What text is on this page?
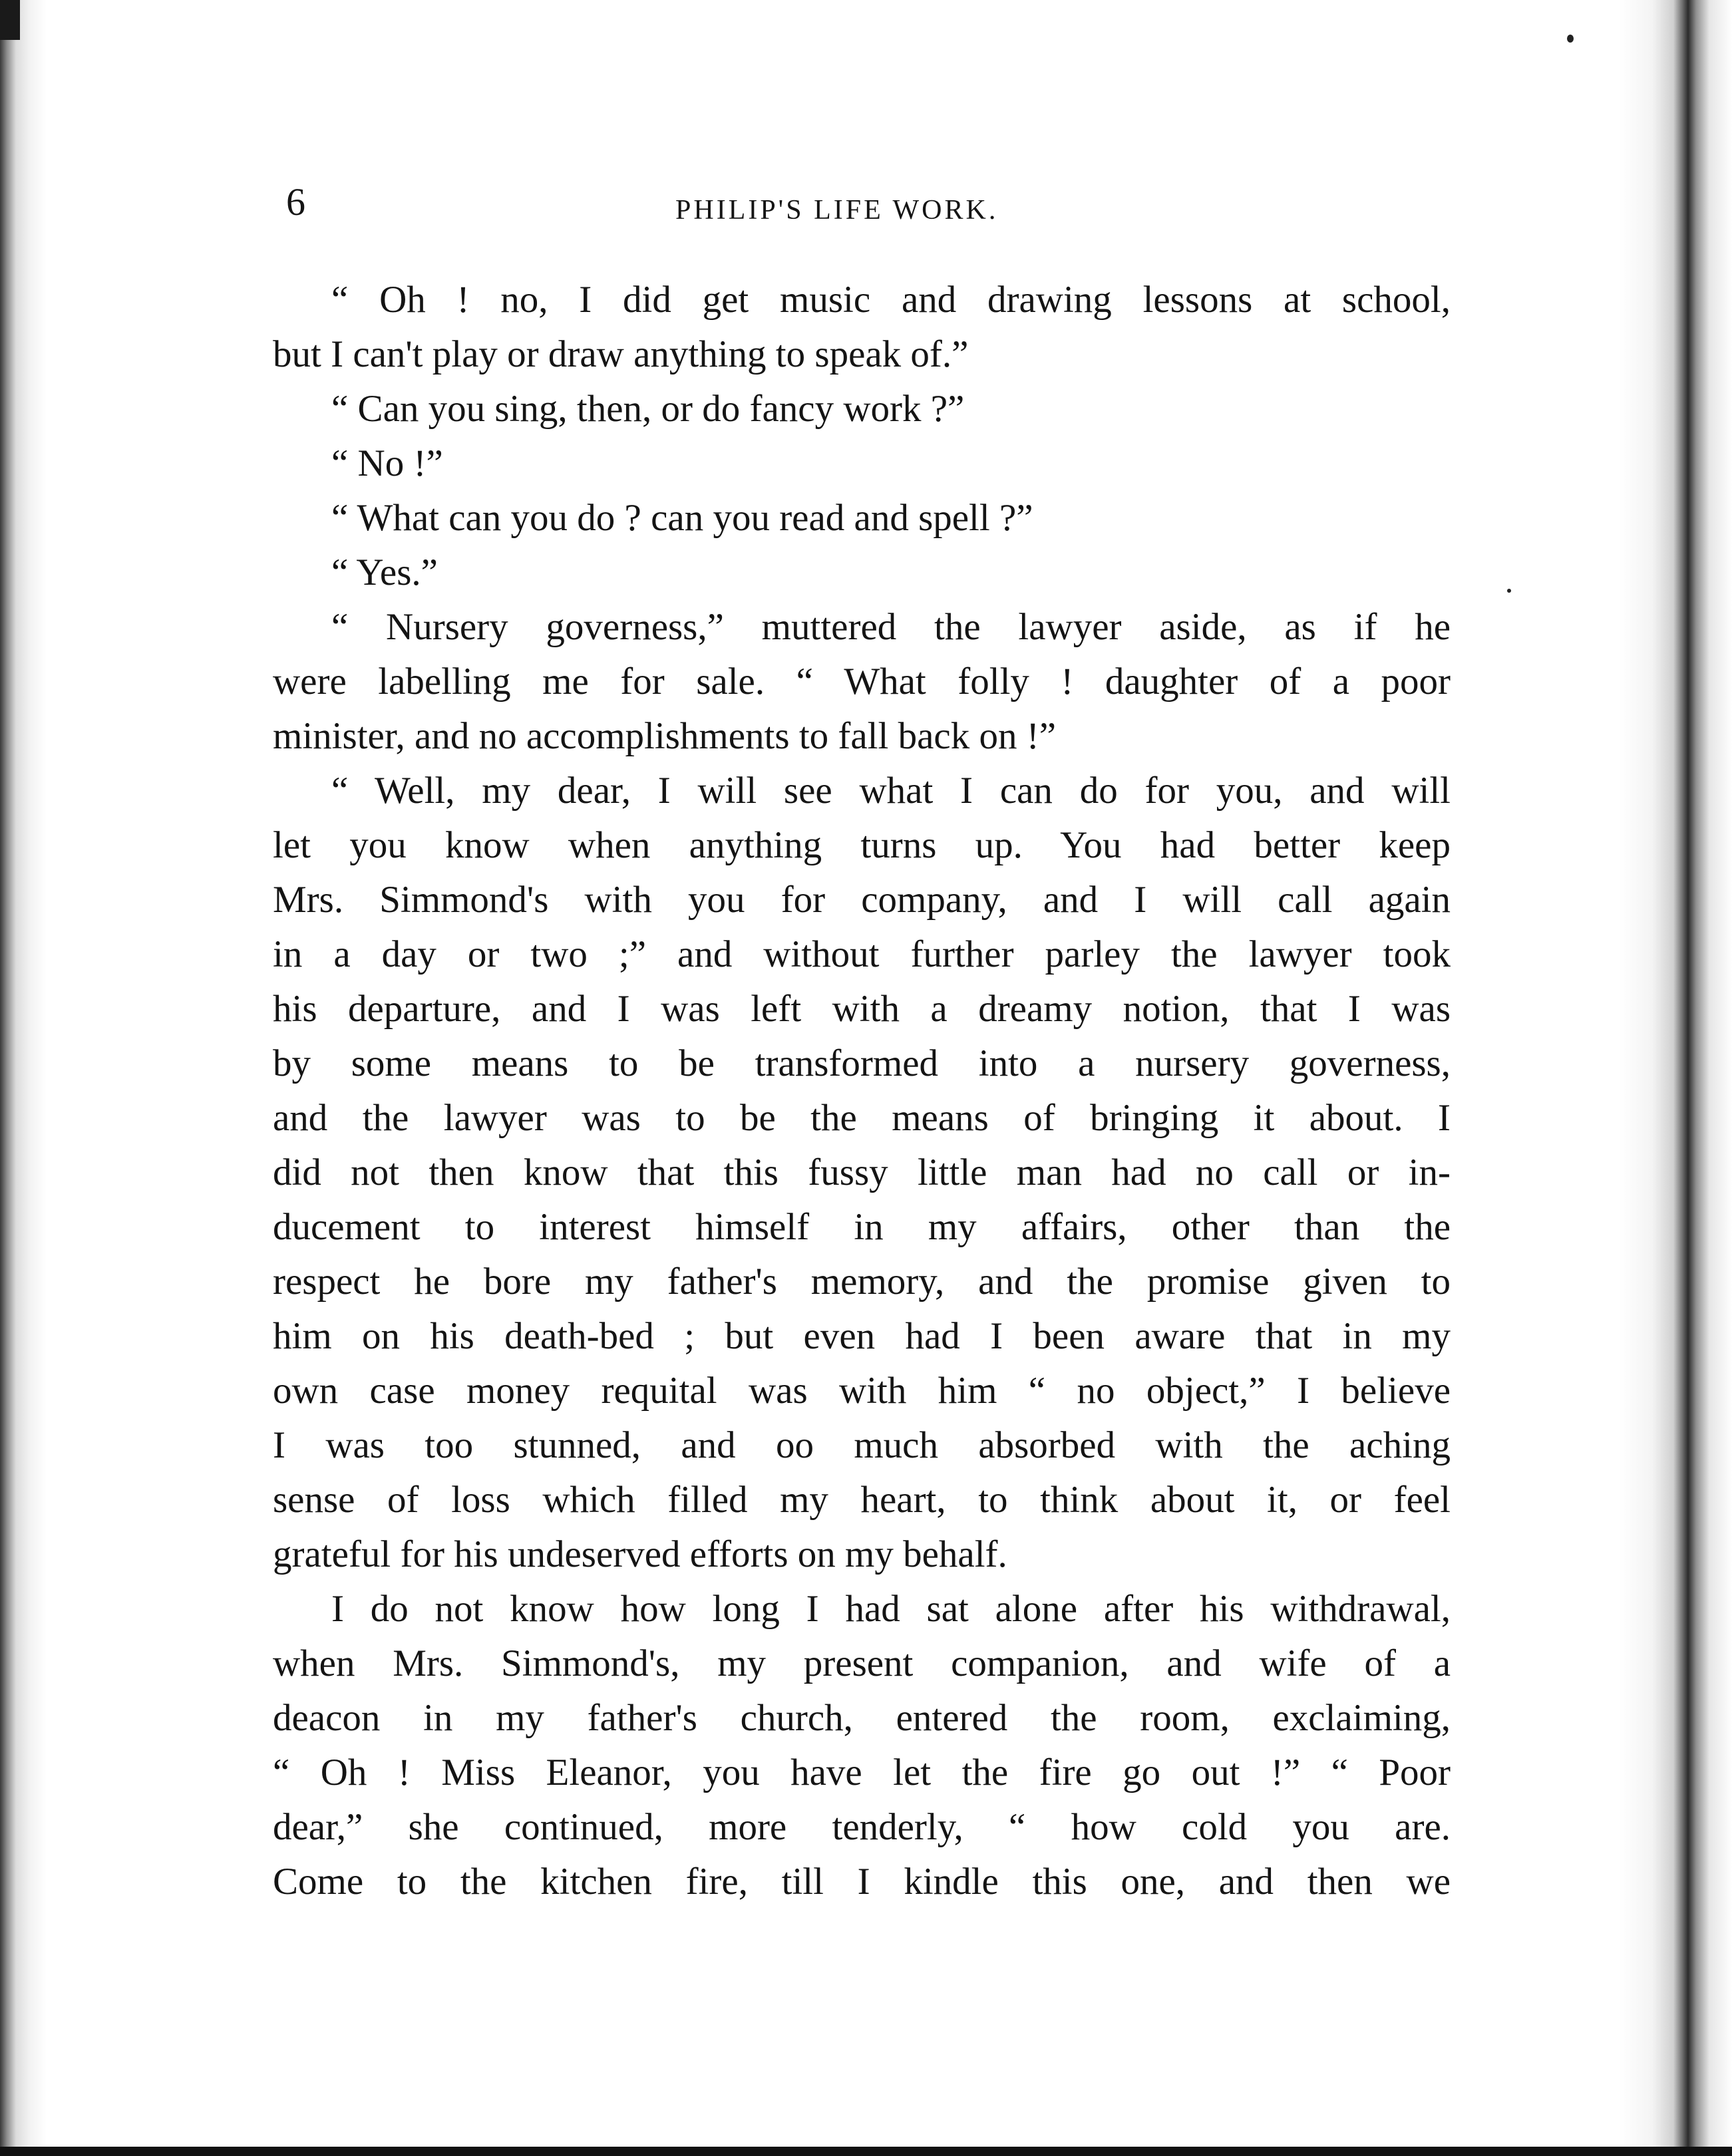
6	PHILIP'S LIFE WORK.
“ Oh ! no, I did get music and drawing lessons at school,
but I can't play or draw anything to speak of.”
“ Can you sing, then, or do fancy work ?”
“ No !”
“ What can you do ? can you read and spell ?”
“ Yes.”
“ Nursery governess,” muttered the lawyer aside, as if he
were labelling me for sale. “ What folly ! daughter of a poor
minister, and no accomplishments to fall back on !”
“ Well, my dear, I will see what I can do for you, and will
let you know when anything turns up. You had better keep
Mrs. Simmond's with you for company, and I will call again
in a day or two ;” and without further parley the lawyer took
his departure, and I was left with a dreamy notion, that I was
by some means to be transformed into a nursery governess,
and the lawyer was to be the means of bringing it about. I
did not then know that this fussy little man had no call or in-
ducement to interest himself in my affairs, other than the
respect he bore my father's memory, and the promise given to
him on his death-bed ; but even had I been aware that in my
own case money requital was with him “ no object,” I believe
I was too stunned, and oo much absorbed with the aching
sense of loss which filled my heart, to think about it, or feel
grateful for his undeserved efforts on my behalf.
I do not know how long I had sat alone after his withdrawal,
when Mrs. Simmond's, my present companion, and wife of a
deacon in my father's church, entered the room, exclaiming,
“ Oh ! Miss Eleanor, you have let the fire go out !” “ Poor
dear,” she continued, more tenderly, “ how cold you are.
Come to the kitchen fire, till I kindle this one, and then we
